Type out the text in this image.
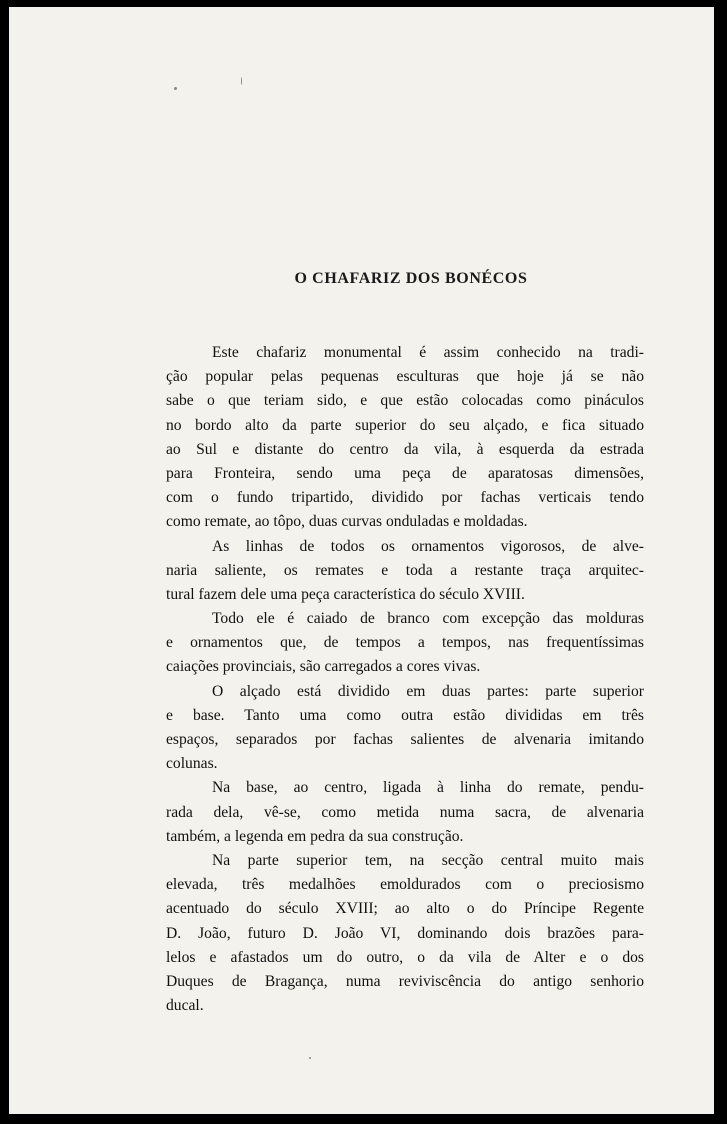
O CHAFARIZ DOS BONÉCOS
Este chafariz monumental é assim conhecido na tradi-
ção popular pelas pequenas esculturas que hoje já se não
sabe o que teriam sido, e que estão colocadas como pináculos
no bordo alto da parte superior do seu alçado, e fica situado
ao Sul e distante do centro da vila, à esquerda da estrada
para Fronteira, sendo uma peça de aparatosas dimensões,
com o fundo tripartido, dividido por fachas verticais tendo
como remate, ao tôpo, duas curvas onduladas e moldadas.
As linhas de todos os ornamentos vigorosos, de alve-
naria saliente, os remates e toda a restante traça arquitec-
tural fazem dele uma peça característica do século XVIII.
Todo ele é caiado de branco com excepção das molduras
e ornamentos que, de tempos a tempos, nas frequentíssimas
caiações provinciais, são carregados a cores vivas.
O alçado está dividido em duas partes: parte superior
e base. Tanto uma como outra estão divididas em três
espaços, separados por fachas salientes de alvenaria imitando
colunas.
Na base, ao centro, ligada à linha do remate, pendu-
rada dela, vê-se, como metida numa sacra, de alvenaria
também, a legenda em pedra da sua construção.
Na parte superior tem, na secção central muito mais
elevada, três medalhões emoldurados com o preciosismo
acentuado do século XVIII; ao alto o do Príncipe Regente
D. João, futuro D. João VI, dominando dois brazões para-
lelos e afastados um do outro, o da vila de Alter e o dos
Duques de Bragança, numa reviviscência do antigo senhorio
ducal.
